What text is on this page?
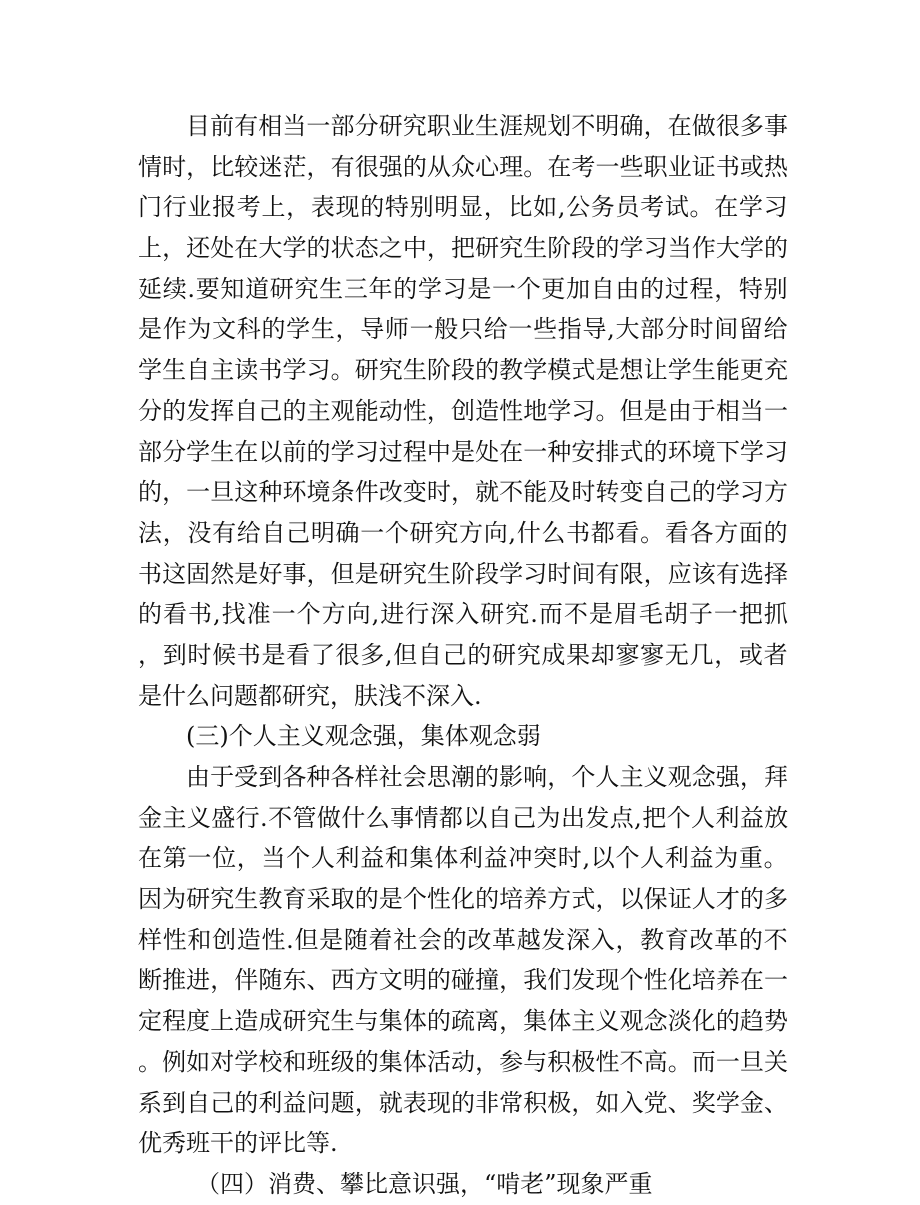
目前有相当一部分研究职业生涯规划不明确，在做很多事
情时，比较迷茫，有很强的从众心理。在考一些职业证书或热
门行业报考上，表现的特别明显，比如,公务员考试。在学习
上，还处在大学的状态之中，把研究生阶段的学习当作大学的
延续.要知道研究生三年的学习是一个更加自由的过程，特别
是作为文科的学生，导师一般只给一些指导,大部分时间留给
学生自主读书学习。研究生阶段的教学模式是想让学生能更充
分的发挥自己的主观能动性，创造性地学习。但是由于相当一
部分学生在以前的学习过程中是处在一种安排式的环境下学习
的，一旦这种环境条件改变时，就不能及时转变自己的学习方
法，没有给自己明确一个研究方向,什么书都看。看各方面的
书这固然是好事，但是研究生阶段学习时间有限，应该有选择
的看书,找准一个方向,进行深入研究.而不是眉毛胡子一把抓
，到时候书是看了很多,但自己的研究成果却寥寥无几，或者
是什么问题都研究，肤浅不深入.
(三)个人主义观念强，集体观念弱
由于受到各种各样社会思潮的影响，个人主义观念强，拜
金主义盛行.不管做什么事情都以自己为出发点,把个人利益放
在第一位，当个人利益和集体利益冲突时,以个人利益为重。
因为研究生教育采取的是个性化的培养方式，以保证人才的多
样性和创造性.但是随着社会的改革越发深入，教育改革的不
断推进，伴随东、西方文明的碰撞，我们发现个性化培养在一
定程度上造成研究生与集体的疏离，集体主义观念淡化的趋势
。例如对学校和班级的集体活动，参与积极性不高。而一旦关
系到自己的利益问题，就表现的非常积极，如入党、奖学金、
优秀班干的评比等.
（四）消费、攀比意识强，“啃老”现象严重
